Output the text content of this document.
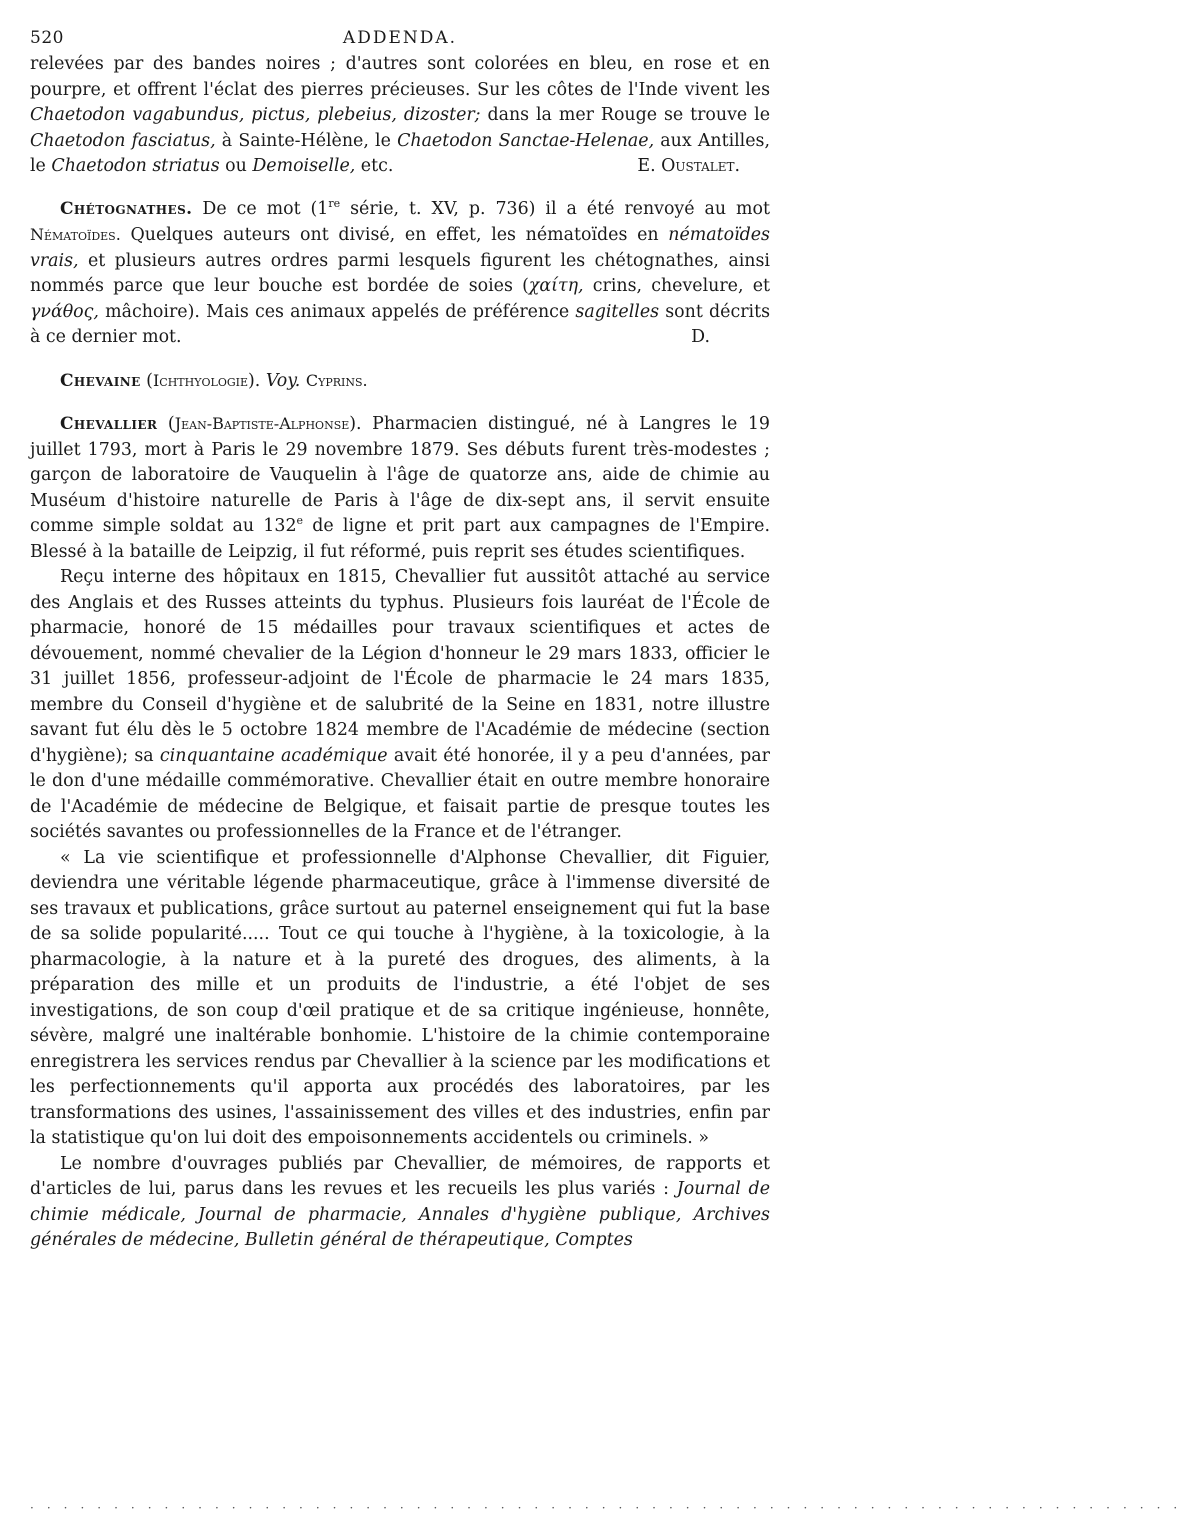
520	ADDENDA.

relevées par des bandes noires ; d'autres sont colorées en bleu, en rose et en pourpre, et offrent l'éclat des pierres précieuses. Sur les côtes de l'Inde vivent les Chaetodon vagabundus, pictus, plebeius, dizoster; dans la mer Rouge se trouve le Chaetodon fasciatus, à Sainte-Hélène, le Chaetodon Sanctae-Helenae, aux Antilles, le Chaetodon striatus ou Demoiselle, etc.	E. Oustalet.

Chétognathes. De ce mot (1re série, t. XV, p. 736) il a été renvoyé au mot Nématoïdes. Quelques auteurs ont divisé, en effet, les nématoïdes en nématoïdes vrais, et plusieurs autres ordres parmi lesquels figurent les chétognathes, ainsi nommés parce que leur bouche est bordée de soies (χαίτη, crins, chevelure, et γνάθος, mâchoire). Mais ces animaux appelés de préférence sagitelles sont décrits à ce dernier mot.	D.

Chevaine (Ichthyologie). Voy. Cyprins.

Chevallier (Jean-Baptiste-Alphonse). Pharmacien distingué, né à Langres le 19 juillet 1793, mort à Paris le 29 novembre 1879. Ses débuts furent très-modestes ; garçon de laboratoire de Vauquelin à l'âge de quatorze ans, aide de chimie au Muséum d'histoire naturelle de Paris à l'âge de dix-sept ans, il servit ensuite comme simple soldat au 132e de ligne et prit part aux campagnes de l'Empire. Blessé à la bataille de Leipzig, il fut réformé, puis reprit ses études scientifiques.

Reçu interne des hôpitaux en 1815, Chevallier fut aussitôt attaché au service des Anglais et des Russes atteints du typhus. Plusieurs fois lauréat de l'École de pharmacie, honoré de 15 médailles pour travaux scientifiques et actes de dévouement, nommé chevalier de la Légion d'honneur le 29 mars 1833, officier le 31 juillet 1856, professeur-adjoint de l'École de pharmacie le 24 mars 1835, membre du Conseil d'hygiène et de salubrité de la Seine en 1831, notre illustre savant fut élu dès le 5 octobre 1824 membre de l'Académie de médecine (section d'hygiène); sa cinquantaine académique avait été honorée, il y a peu d'années, par le don d'une médaille commémorative. Chevallier était en outre membre honoraire de l'Académie de médecine de Belgique, et faisait partie de presque toutes les sociétés savantes ou professionnelles de la France et de l'étranger.

« La vie scientifique et professionnelle d'Alphonse Chevallier, dit Figuier, deviendra une véritable légende pharmaceutique, grâce à l'immense diversité de ses travaux et publications, grâce surtout au paternel enseignement qui fut la base de sa solide popularité..... Tout ce qui touche à l'hygiène, à la toxicologie, à la pharmacologie, à la nature et à la pureté des drogues, des aliments, à la préparation des mille et un produits de l'industrie, a été l'objet de ses investigations, de son coup d'œil pratique et de sa critique ingénieuse, honnête, sévère, malgré une inaltérable bonhomie. L'histoire de la chimie contemporaine enregistrera les services rendus par Chevallier à la science par les modifications et les perfectionnements qu'il apporta aux procédés des laboratoires, par les transformations des usines, l'assainissement des villes et des industries, enfin par la statistique qu'on lui doit des empoisonnements accidentels ou criminels. »

Le nombre d'ouvrages publiés par Chevallier, de mémoires, de rapports et d'articles de lui, parus dans les revues et les recueils les plus variés : Journal de chimie médicale, Journal de pharmacie, Annales d'hygiène publique, Archives générales de médecine, Bulletin général de thérapeutique, Comptes

·····································································
